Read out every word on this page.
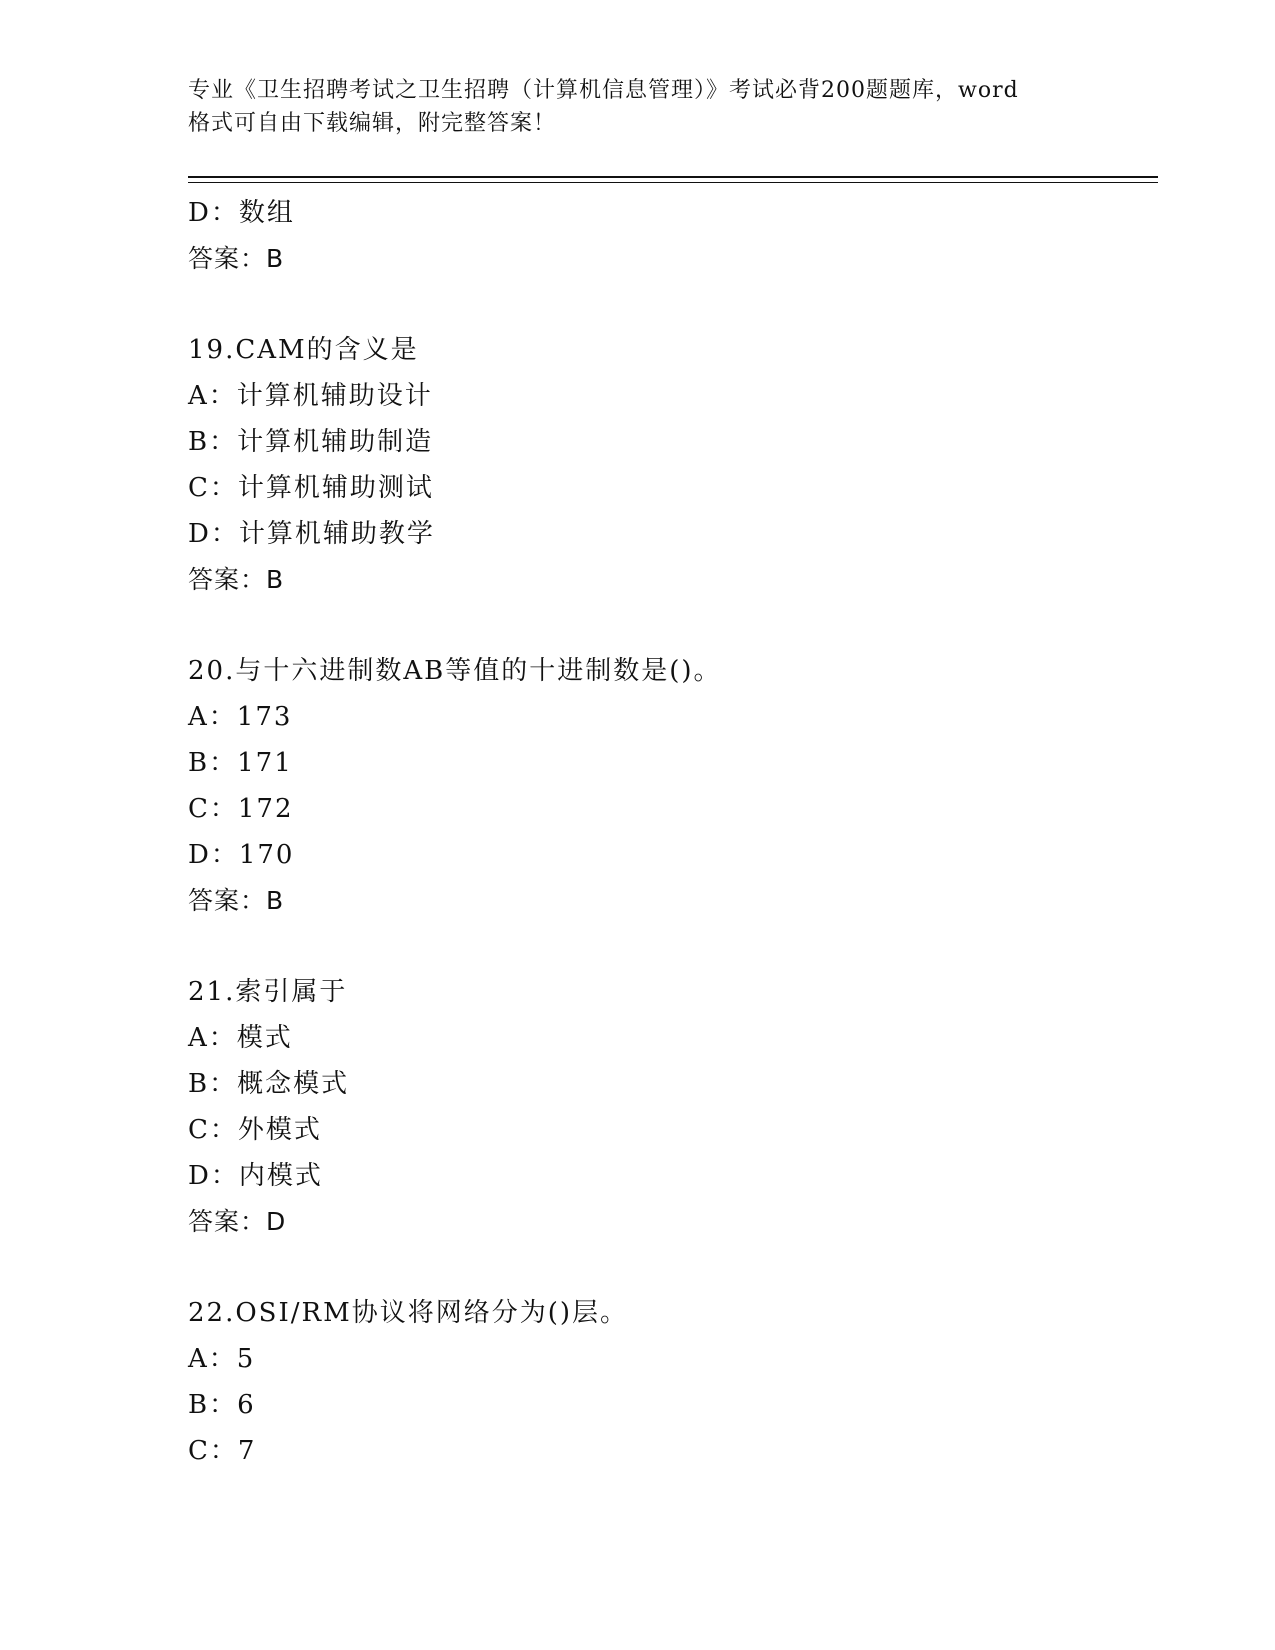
专业《卫生招聘考试之卫生招聘（计算机信息管理）》考试必背200题题库，word
格式可自由下载编辑，附完整答案！
D：数组
答案：B
19.CAM的含义是
A：计算机辅助设计
B：计算机辅助制造
C：计算机辅助测试
D：计算机辅助教学
答案：B
20.与十六进制数AB等值的十进制数是()。
A：173
B：171
C：172
D：170
答案：B
21.索引属于
A：模式
B：概念模式
C：外模式
D：内模式
答案：D
22.OSI/RM协议将网络分为()层。
A：5
B：6
C：7
